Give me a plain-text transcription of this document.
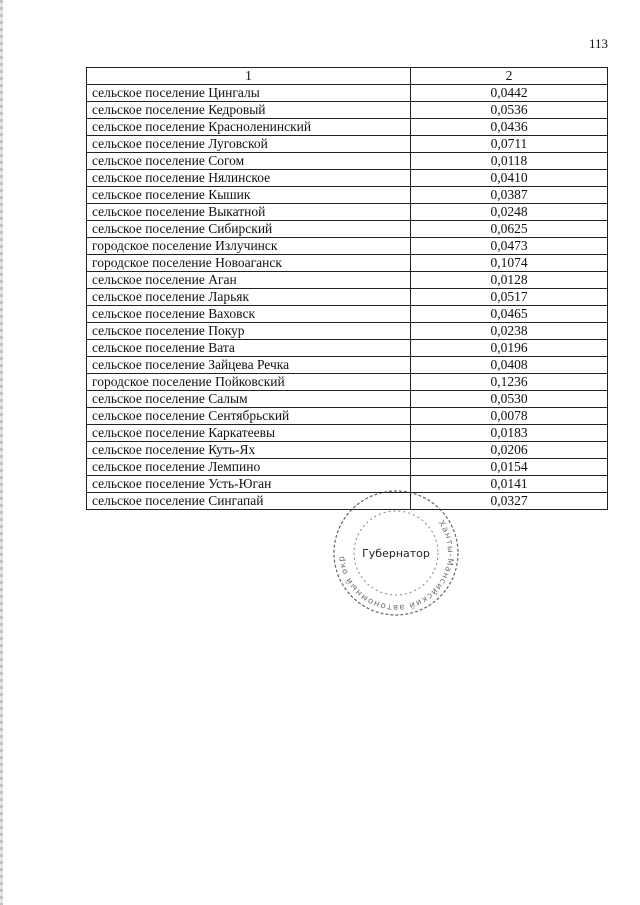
113
1	2
сельское поселение Цингалы	0,0442
сельское поселение Кедровый	0,0536
сельское поселение Красноленинский	0,0436
сельское поселение Луговской	0,0711
сельское поселение Согом	0,0118
сельское поселение Нялинское	0,0410
сельское поселение Кышик	0,0387
сельское поселение Выкатной	0,0248
сельское поселение Сибирский	0,0625
городское поселение Излучинск	0,0473
городское поселение Новоаганск	0,1074
сельское поселение Аган	0,0128
сельское поселение Ларьяк	0,0517
сельское поселение Ваховск	0,0465
сельское поселение Покур	0,0238
сельское поселение Вата	0,0196
сельское поселение Зайцева Речка	0,0408
городское поселение Пойковский	0,1236
сельское поселение Салым	0,0530
сельское поселение Сентябрьский	0,0078
сельское поселение Каркатеевы	0,0183
сельское поселение Куть-Ях	0,0206
сельское поселение Лемпино	0,0154
сельское поселение Усть-Юган	0,0141
сельское поселение Сингапай	0,0327
Ханты-Мансийский автономный окр	Губернатор
